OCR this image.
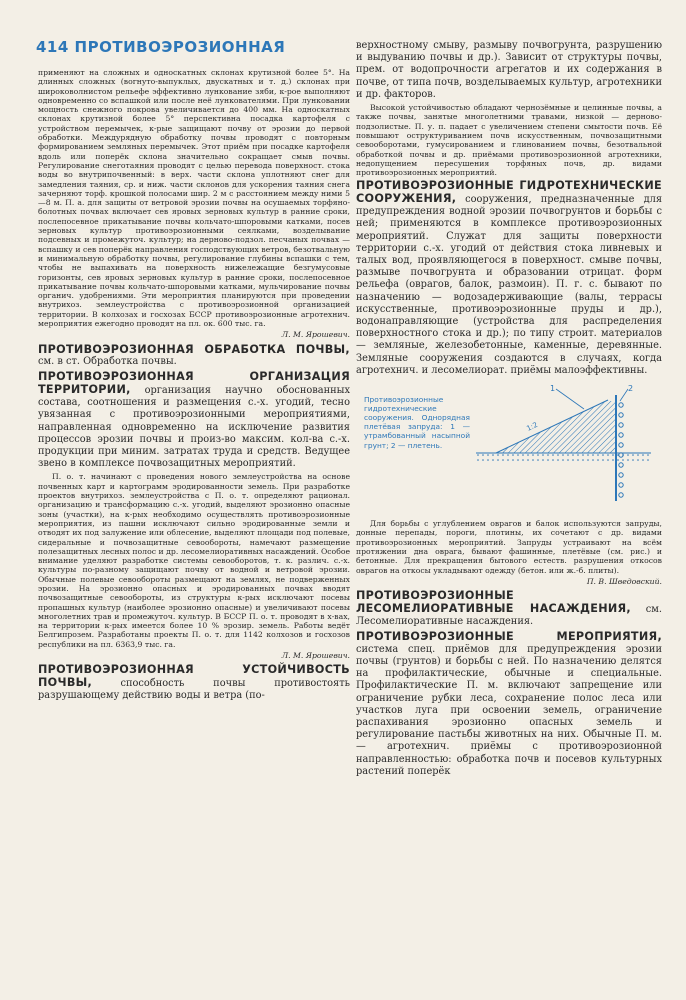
414 ПРОТИВОЭРОЗИОННАЯ

применяют на сложных и однoскатных склонах крутизной более 5°. На длинных сложных (вогнуто-выпуклых, двускатных и т. д.) склонах при широковолнистом рельефе эффективно лункование зяби, к-рое выполняют одновременно со вспашкой или после неё лункователями. При лунковании мощность снежного покрова увеличивается до 400 мм. На однoскатных склонах крутизной более 5° перспективна посадка картофеля с устройством перемычек, к-рые защищают почву от эрозии до первой обработки. Междурядную обработку почвы проводят с повторным формированием земляных перемычек. Этот приём при посадке картофеля вдоль или поперёк склона значительно сокращает смыв почвы. Регулирование снеготаяния проводят с целью перевода поверхност. стока воды во внутрипочвенный: в верх. части склона уплотняют снег для замедления таяния, ср. и ниж. части склонов для ускорения таяния снега зачерняют торф. крошкой полосами шир. 2 м с расстоянием между ними 5—8 м. П. а. для защиты от ветровой эрозии почвы на осушаемых торфяно-болотных почвах включает сев яровых зерновых культур в ранние сроки, послепосевное прикатывание почвы кольчато-шпоровыми катками, посев зерновых культур противоэрозионными сеялками, возделывание подсевных и промежуточ. культур; на дерново-подзол. песчаных почвах — вспашку и сев поперёк направления господствующих ветров, безотвальную и минимальную обработку почвы, регулирование глубины вспашки с тем, чтобы не выпахивать на поверхность нижележащие безгумусовые горизонты, сев яровых зерновых культур в ранние сроки, послепосевное прикатывание почвы кольчато-шпоровыми катками, мульчирование почвы органич. удобрениями. Эти мероприятия планируются при проведении внутрихоз. землеустройства с противоэрозионной организацией территории. В колхозах и госхозах БССР противоэрозионные агротехнич. мероприятия ежегодно проводят на пл. ок. 600 тыс. га.

Л. М. Ярошевич.

ПРОТИВОЭРОЗИОННАЯ ОБРАБОТКА ПОЧВЫ, см. в ст. Обработка почвы.
ПРОТИВОЭРОЗИОННАЯ ОРГАНИЗАЦИЯ ТЕРРИТОРИИ, организация научно обоснованных состава, соотношения и размещения с.-х. угодий, тесно увязанная с противоэрозионными мероприятиями, направленная одновременно на исключение развития процессов эрозии почвы и произ-во максим. кол-ва с.-х. продукции при миним. затратах труда и средств. Ведущее звено в комплексе почвозащитных мероприятий.

П. о. т. начинают с проведения нового землеустройства на основе почвенных карт и картограмм эродированности земель. При разработке проектов внутрихоз. землеустройства с П. о. т. определяют рационал. организацию и трансформацию с.-х. угодий, выделяют эрозионно опасные зоны (участки), на к-рых необходимо осуществлять противоэрозионные мероприятия, из пашни исключают сильно эродированные земли и отводят их под залужение или облесение, выделяют площади под полевые, сидеральные и почвозащитные севообороты, намечают размещение полезащитных лесных полос и др. лесомелиоративных насаждений. Особое внимание уделяют разработке системы севооборотов, т. к. различ. с.-х. культуры по-разному защищают почву от водной и ветровой эрозии. Обычные полевые севообороты размещают на землях, не подверженных эрозии. На эрозионно опасных и эродированных почвах вводят почвозащитные севообороты, из структуры к-рых исключают посевы пропашных культур (наиболее эрозионно опасные) и увеличивают посевы многолетних трав и промежуточ. культур. В БССР П. о. т. проводят в х-вах, на территории к-рых имеется более 10 % эрозир. земель. Работы ведёт Белгипрозем. Разработаны проекты П. о. т. для 1142 колхозов и госхозов республики на пл. 6363,9 тыс. га.

Л. М. Ярошевич.

ПРОТИВОЭРОЗИОННАЯ УСТОЙЧИВОСТЬ ПОЧВЫ,	способность почвы противостоять разрушающему действию воды и ветра (по-

верхностному смыву, размыву почвогрунта, разрушению и выдуванию почвы и др.). Зависит от структуры почвы, прем. от водопрочности агрегатов и их содержания в почве, от типа почв, возделываемых культур, агротехники и др. факторов.

Высокой устойчивостью обладают чернозёмные и целинные почвы, а также почвы, занятые многолетними травами, низкой — дерново-подзолистые. П. у. п. падает с увеличением степени смытости почв. Её повышают оструктуриванием почв искусственным, почвозащитными севооборотами, гумусированием и глинованием почвы, безотвальной обработкой почвы и др. приёмами противоэрозионной агротехники, недопущением пересушения торфяных почв, др. видами противоэрозионных мероприятий.

ПРОТИВОЭРОЗИОННЫЕ ГИДРОТЕХНИЧЕСКИЕ СООРУЖЕНИЯ, сооружения, предназначенные для предупреждения водной эрозии почвогрунтов и борьбы с ней; применяются в комплексе противоэрозионных мероприятий. Служат для защиты поверхности территории с.-х. угодий от действия стока ливневых и талых вод, проявляющегося в поверхност. смыве почвы, размыве почвогрунта и образовании отрицат. форм рельефа (оврагов, балок, размоин). П. г. с. бывают по назначению — водозадерживающие (валы, террасы искусственные, противоэрозионные пруды и др.), водонаправляющие (устройства для распределения поверхностного стока и др.); по типу строит. материалов — земляные, железобетонные, каменные, деревянные. Земляные сооружения создаются в случаях, когда агротехнич. и лесомелиорат. приёмы малоэффективны.
Противоэрозионные гидротехнические сооружения. Однорядная плетёвая запруда: 1 — утрамбованный насыпной грунт; 2 — плетень.
1	2
1:2

Для борьбы с углублением оврагов и балок используются запруды, донные перепады, пороги, плотины, их сочетают с др. видами противоэрозионных мероприятий. Запруды устраивают на всём протяжении дна оврага, бывают фашинные, плетёвые (см. рис.) и бетонные. Для прекращения бытового естеств. разрушения откосов оврагов на откосы укладывают одежду (бетон. или ж.-б. плиты).

П. В. Шведовский.

ПРОТИВОЭРОЗИОННЫЕ ЛЕСОМЕЛИОРАТИВНЫЕ НАСАЖДЕНИЯ, см. Лесомелиоративные насаждения.
ПРОТИВОЭРОЗИОННЫЕ МЕРОПРИЯТИЯ, система спец. приёмов для предупреждения эрозии почвы (грунтов) и борьбы с ней. По назначению делятся на профилактические, обычные и специальные. Профилактические П. м. включают запрещение или ограничение рубки леса, сохранение полос леса или участков луга при освоении земель, ограничение распахивания эрозионно опасных земель и регулирование пастьбы животных на них. Обычные П. м. — агротехнич. приёмы с противоэрозионной направленностью: обработка почв и посевов культурных растений поперёк
